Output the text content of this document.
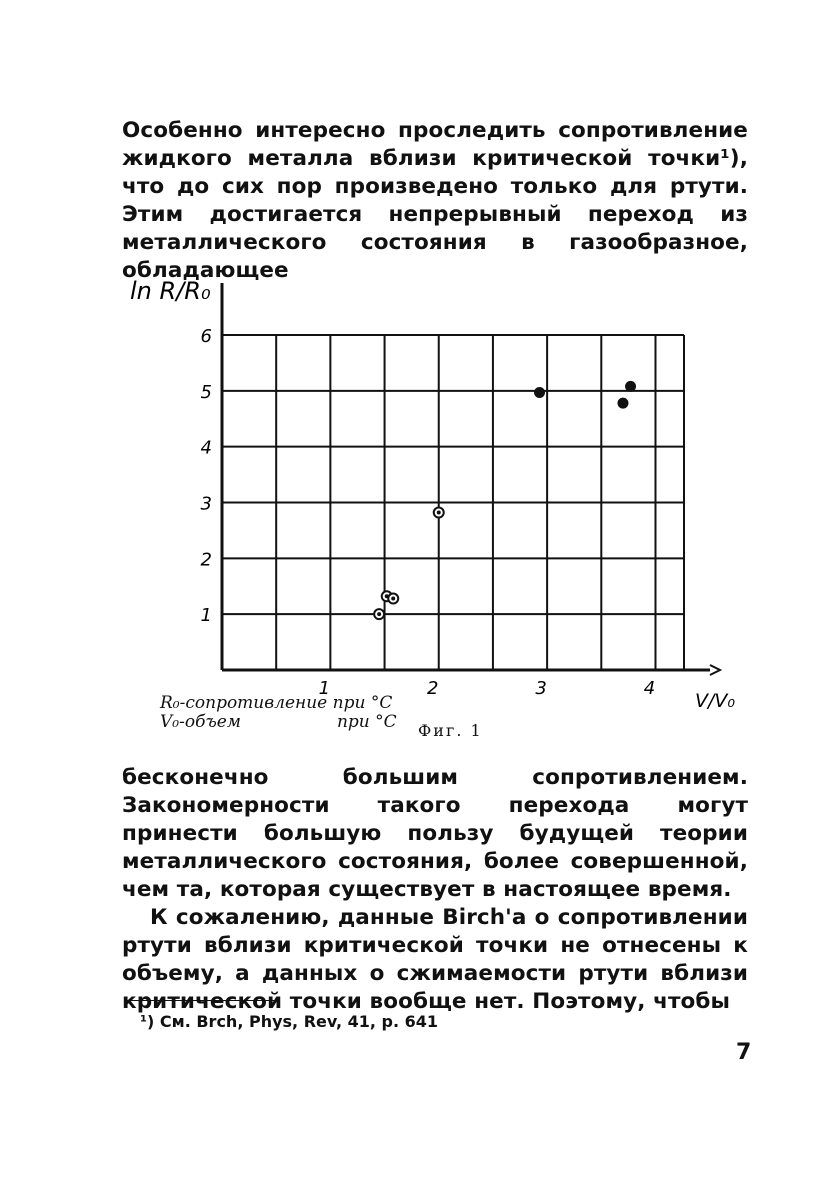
Особенно интересно проследить сопротивление жидкого металла вблизи критической точки¹), что до сих пор произведено только для ртути. Этим достигается непрерывный переход из металлического состояния в газообразное, обладающее

ln R/R₀
V/V₀
1
2
3
4
5
6
1	2	3	4
R₀-сопротивление при °C
V₀-объем	при °C Фиг. 1

бесконечно большим сопротивлением. Закономерности такого перехода могут принести большую пользу будущей теории металлического состояния, более совершенной, чем та, которая существует в настоящее время.

К сожалению, данные Birch'а о сопротивлении ртути вблизи критической точки не отнесены к объему, а данных о сжимаемости ртути вблизи критической точки вообще нет. Поэтому, чтобы

¹) См. Brch, Phys, Rev, 41, p. 641
7
